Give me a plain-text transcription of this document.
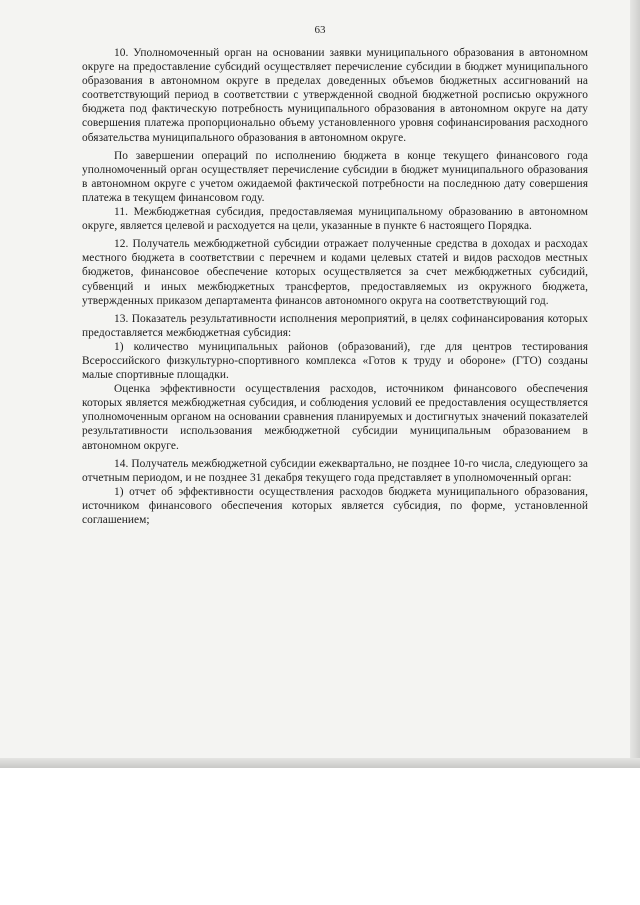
63

10. Уполномоченный орган на основании заявки муниципального образования в автономном округе на предоставление субсидий осуществляет перечисление субсидии в бюджет муниципального образования в автономном округе в пределах доведенных объемов бюджетных ассигнований на соответствующий период в соответствии с утвержденной сводной бюджетной росписью окружного бюджета под фактическую потребность муниципального образования в автономном округе на дату совершения платежа пропорционально объему установленного уровня софинансирования расходного обязательства муниципального образования в автономном округе.

По завершении операций по исполнению бюджета в конце текущего финансового года уполномоченный орган осуществляет перечисление субсидии в бюджет муниципального образования в автономном округе с учетом ожидаемой фактической потребности на последнюю дату совершения платежа в текущем финансовом году.

11. Межбюджетная субсидия, предоставляемая муниципальному образованию в автономном округе, является целевой и расходуется на цели, указанные в пункте 6 настоящего Порядка.

12. Получатель межбюджетной субсидии отражает полученные средства в доходах и расходах местного бюджета в соответствии с перечнем и кодами целевых статей и видов расходов местных бюджетов, финансовое обеспечение которых осуществляется за счет межбюджетных субсидий, субвенций и иных межбюджетных трансфертов, предоставляемых из окружного бюджета, утвержденных приказом департамента финансов автономного округа на соответствующий год.

13. Показатель результативности исполнения мероприятий, в целях софинансирования которых предоставляется межбюджетная субсидия:

1) количество муниципальных районов (образований), где для центров тестирования Всероссийского физкультурно-спортивного комплекса «Готов к труду и обороне» (ГТО) созданы малые спортивные площадки.

Оценка эффективности осуществления расходов, источником финансового обеспечения которых является межбюджетная субсидия, и соблюдения условий ее предоставления осуществляется уполномоченным органом на основании сравнения планируемых и достигнутых значений показателей результативности использования межбюджетной субсидии муниципальным образованием в автономном округе.

14. Получатель межбюджетной субсидии ежеквартально, не позднее 10-го числа, следующего за отчетным периодом, и не позднее 31 декабря текущего года представляет в уполномоченный орган:

1) отчет об эффективности осуществления расходов бюджета муниципального образования, источником финансового обеспечения которых является субсидия, по форме, установленной соглашением;
